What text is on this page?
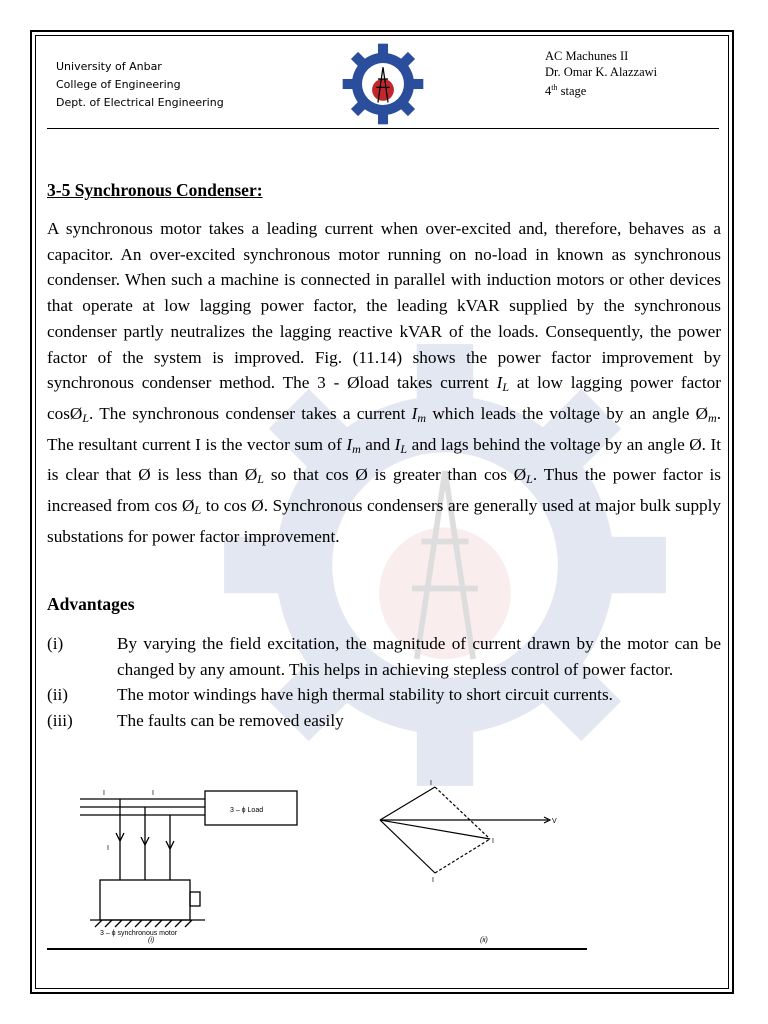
University of Anbar
College of Engineering
Dept. of Electrical Engineering
AC Machunes II
Dr. Omar K. Alazzawi
4th stage
3-5 Synchronous Condenser:
A synchronous motor takes a leading current when over-excited and, therefore, behaves as a capacitor. An over-excited synchronous motor running on no-load in known as synchronous condenser. When such a machine is connected in parallel with induction motors or other devices that operate at low lagging power factor, the leading kVAR supplied by the synchronous condenser partly neutralizes the lagging reactive kVAR of the loads. Consequently, the power factor of the system is improved. Fig. (11.14) shows the power factor improvement by synchronous condenser method. The 3 - Øload takes current $I_L$ at low lagging power factor cosØ$_L$. The synchronous condenser takes a current $I_m$ which leads the voltage by an angle $Ø_m$. The resultant current I is the vector sum of $I_m$ and $I_L$ and lags behind the voltage by an angle Ø. It is clear that Ø is less than $Ø_L$ so that cos Ø is greater than $\cos Ø_L$. Thus the power factor is increased from $\cos Ø_L$ to cos Ø. Synchronous condensers are generally used at major bulk supply substations for power factor improvement.
Advantages
(i)	By varying the field excitation, the magnitude of current drawn by the motor can be changed by any amount. This helps in achieving stepless control of power factor.
(ii)	The motor windings have high thermal stability to short circuit currents.
(iii)	The faults can be removed easily
3 – ϕ Load
3 – ϕ synchronous motor
(i)
I	I
I
V
I
I
I
(ii)
